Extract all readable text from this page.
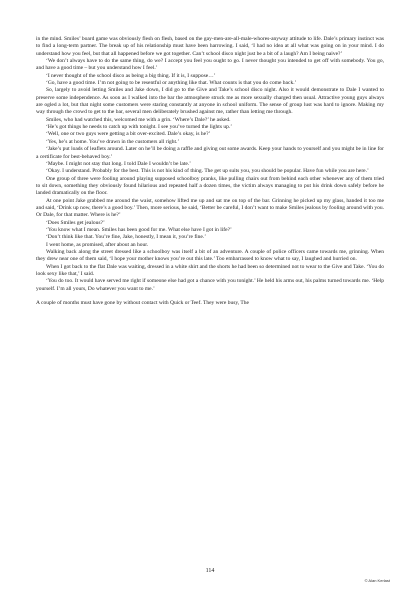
in the mind. Smiles’ board game was obviously flesh on flesh, based on the gay-men-are-all-male-whores-anyway attitude to life. Dale’s primary instinct was to find a long-term partner. The break up of his relationship must have been harrowing. I said, ‘I had no idea at all what was going on in your mind. I do understand how you feel, but that all happened before we got together. Can’t school disco night just be a bit of a laugh? Am I being naive?’

‘We don’t always have to do the same thing, do we? I accept you feel you ought to go. I never thought you intended to get off with somebody. You go, and have a good time – but you understand how I feel.’

‘I never thought of the school disco as being a big thing. If it is, I suppose…’

‘Go, have a good time. I’m not going to be resentful or anything like that. What counts is that you do come back.’

So, largely to avoid letting Smiles and Jake down, I did go to the Give and Take’s school disco night. Also it would demonstrate to Dale I wanted to preserve some independence. As soon as I walked into the bar the atmosphere struck me as more sexually charged then usual. Attractive young guys always are ogled a lot, but that night some customers were staring constantly at anyone in school uniform. The sense of group lust was hard to ignore. Making my way through the crowd to get to the bar, several men deliberately brushed against me, rather than letting me through.

Smiles, who had watched this, welcomed me with a grin. ‘Where’s Dale?’ he asked.

‘He’s got things he needs to catch up with tonight. I see you’ve turned the lights up.’

‘Well, one or two guys were getting a bit over-excited. Dale’s okay, is he?’

‘Yes, he’s at home. You’ve drawn in the customers all right.’

‘Jake’s put loads of leaflets around. Later on he’ll be doing a raffle and giving out some awards. Keep your hands to yourself and you might be in line for a certificate for best-behaved boy.’

‘Maybe. I might not stay that long. I told Dale I wouldn’t be late.’

‘Okay. I understand. Probably for the best. This is not his kind of thing. The get up suits you, you should be popular. Have fun while you are here.’

One group of three were fooling around playing supposed schoolboy pranks, like pulling chairs out from behind each other whenever any of them tried to sit down, something they obviously found hilarious and repeated half a dozen times, the victim always managing to put his drink down safely before he landed dramatically on the floor.

At one point Jake grabbed me around the waist, somehow lifted me up and sat me on top of the bar. Grinning he picked up my glass, handed it too me and said, ‘Drink up now, there’s a good boy.’ Then, more serious, he said, ‘Better be careful, I don’t want to make Smiles jealous by fooling around with you. Or Dale, for that matter. Where is he?’

‘Does Smiles get jealous?’

‘You know what I mean. Smiles has been good for me. What else have I got in life?’

‘Don’t think like that. You’re fine, Jake, honestly, I mean it, you’re fine.’

I went home, as promised, after about an hour.

Walking back along the street dressed like a schoolboy was itself a bit of an adventure. A couple of police officers came towards me, grinning. When they drew near one of them said, ‘I hope your mother knows you’re out this late.’ Too embarrassed to know what to say, I laughed and hurried on.

When I got back to the flat Dale was waiting, dressed in a white shirt and the shorts he had been so determined not to wear to the Give and Take. ‘You do look sexy like that,’ I said.

‘You do too. It would have served me right if someone else had got a chance with you tonight.’ He held his arms out, his palms turned towards me. ‘Help yourself. I’m all yours, Do whatever you want to me.’

A couple of months must have gone by without contact with Quick or Teef. They were busy, The

114
© Alan Kerlast
